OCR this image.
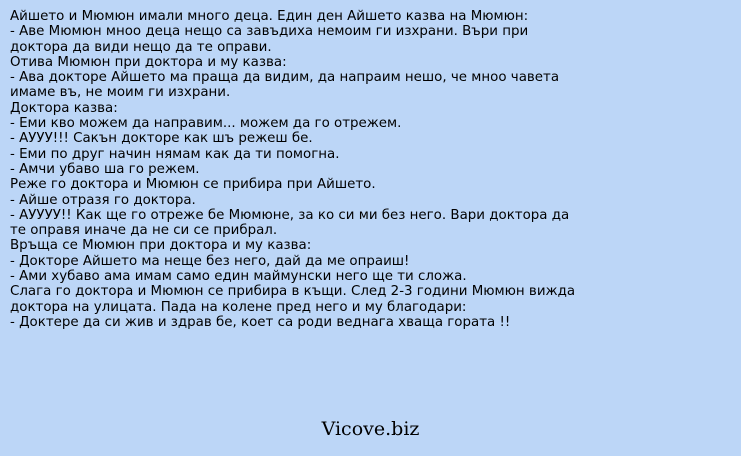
Айшето и Мюмюн имали много деца. Един ден Айшето казва на Мюмюн:
- Аве Мюмюн мноо деца нещо са завъдиха немоим ги изхрани. Въри при
доктора да види нещо да те оправи.
Отива Мюмюн при доктора и му казва:
- Ава докторе Айшето ма праща да видим, да напраим нешо, че мноо чавета
имаме въ, не моим ги изхрани.
Доктора казва:
- Еми кво можем да направим... можем да го отрежем.
- АУУУ!!! Сакън докторе как шъ режеш бе.
- Еми по друг начин нямам как да ти помогна.
- Амчи убаво ша го режем.
Реже го доктора и Мюмюн се прибира при Айшето.
- Айше отразя го доктора.
- АУУУУ!! Как ще го отреже бе Мюмюне, за ко си ми без него. Вари доктора да
те оправя иначе да не си се прибрал.
Връща се Мюмюн при доктора и му казва:
- Докторе Айшето ма неще без него, дай да ме опраиш!
- Ами хубаво ама имам само един маймунски него ще ти сложа.
Слага го доктора и Мюмюн се прибира в къщи. След 2-3 години Мюмюн вижда
доктора на улицата. Пада на колене пред него и му благодари:
- Доктере да си жив и здрав бе, коет са роди веднага хваща гората !!
Vicove.biz
